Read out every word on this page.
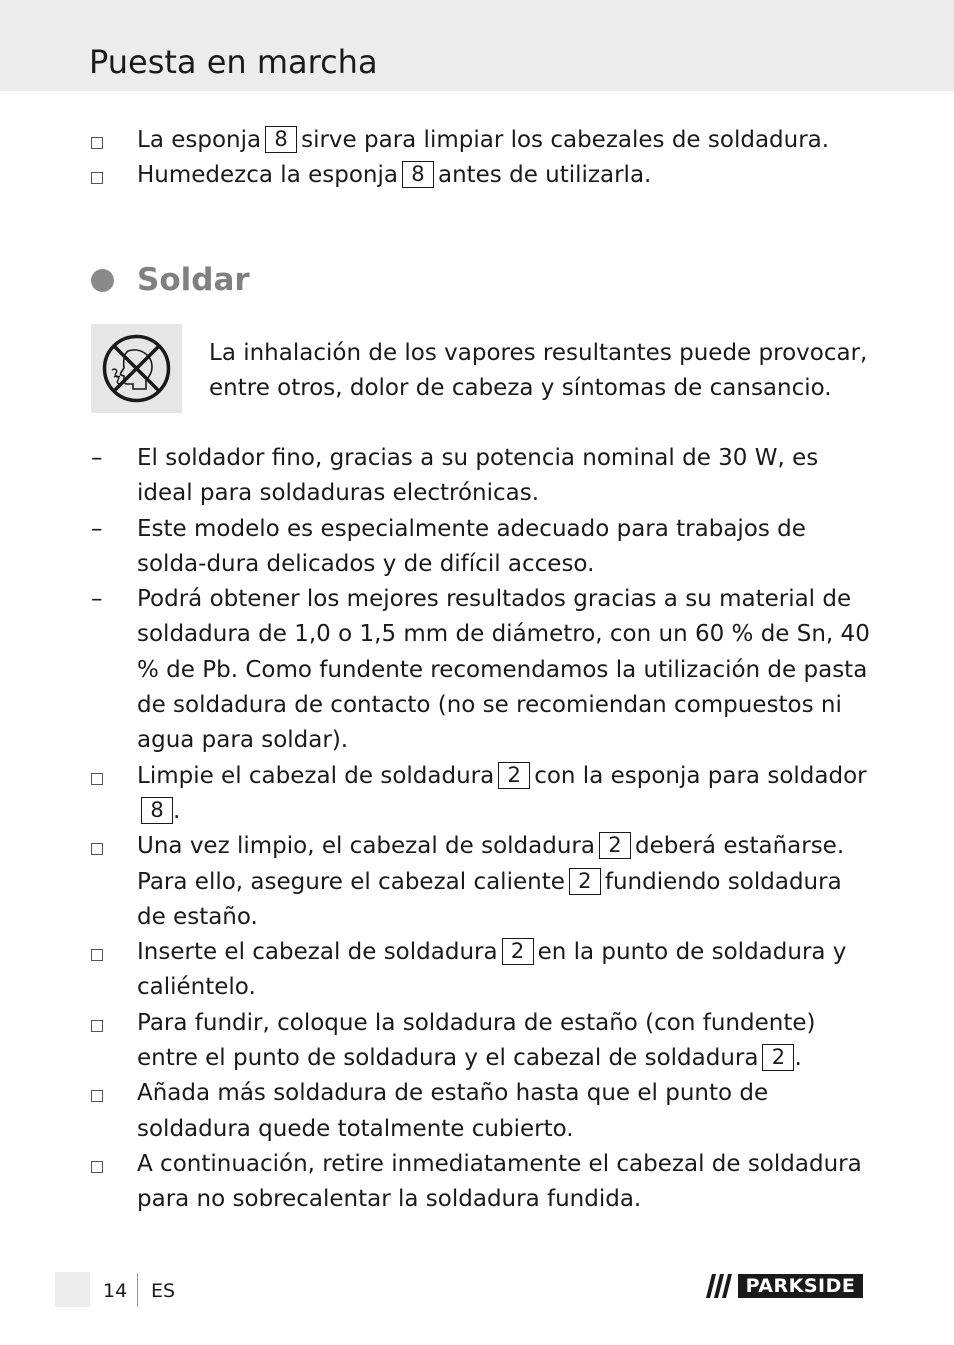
Puesta en marcha
La esponja 8 sirve para limpiar los cabezales de soldadura.
Humedezca la esponja 8 antes de utilizarla.
Soldar
La inhalación de los vapores resultantes puede provocar, entre otros, dolor de cabeza y síntomas de cansancio.
–	El soldador fino, gracias a su potencia nominal de 30 W, es ideal para soldaduras electrónicas.
–	Este modelo es especialmente adecuado para trabajos de solda-dura delicados y de difícil acceso.
–	Podrá obtener los mejores resultados gracias a su material de soldadura de 1,0 o 1,5 mm de diámetro, con un 60 % de Sn, 40 % de Pb. Como fundente recomendamos la utilización de pasta de soldadura de contacto (no se recomiendan compuestos ni agua para soldar).
Limpie el cabezal de soldadura 2 con la esponja para soldador8 .
Una vez limpio, el cabezal de soldadura 2 deberá estañarse. Para ello, asegure el cabezal caliente 2 fundiendo soldadura de estaño.
Inserte el cabezal de soldadura 2 en la punto de soldadura y caliéntelo.
Para fundir, coloque la soldadura de estaño (con fundente) entre el punto de soldadura y el cabezal de soldadura 2 .
Añada más soldadura de estaño hasta que el punto de soldadura quede totalmente cubierto.
A continuación, retire inmediatamente el cabezal de soldadura para no sobrecalentar la soldadura fundida.
14 ES	PARKSIDE
